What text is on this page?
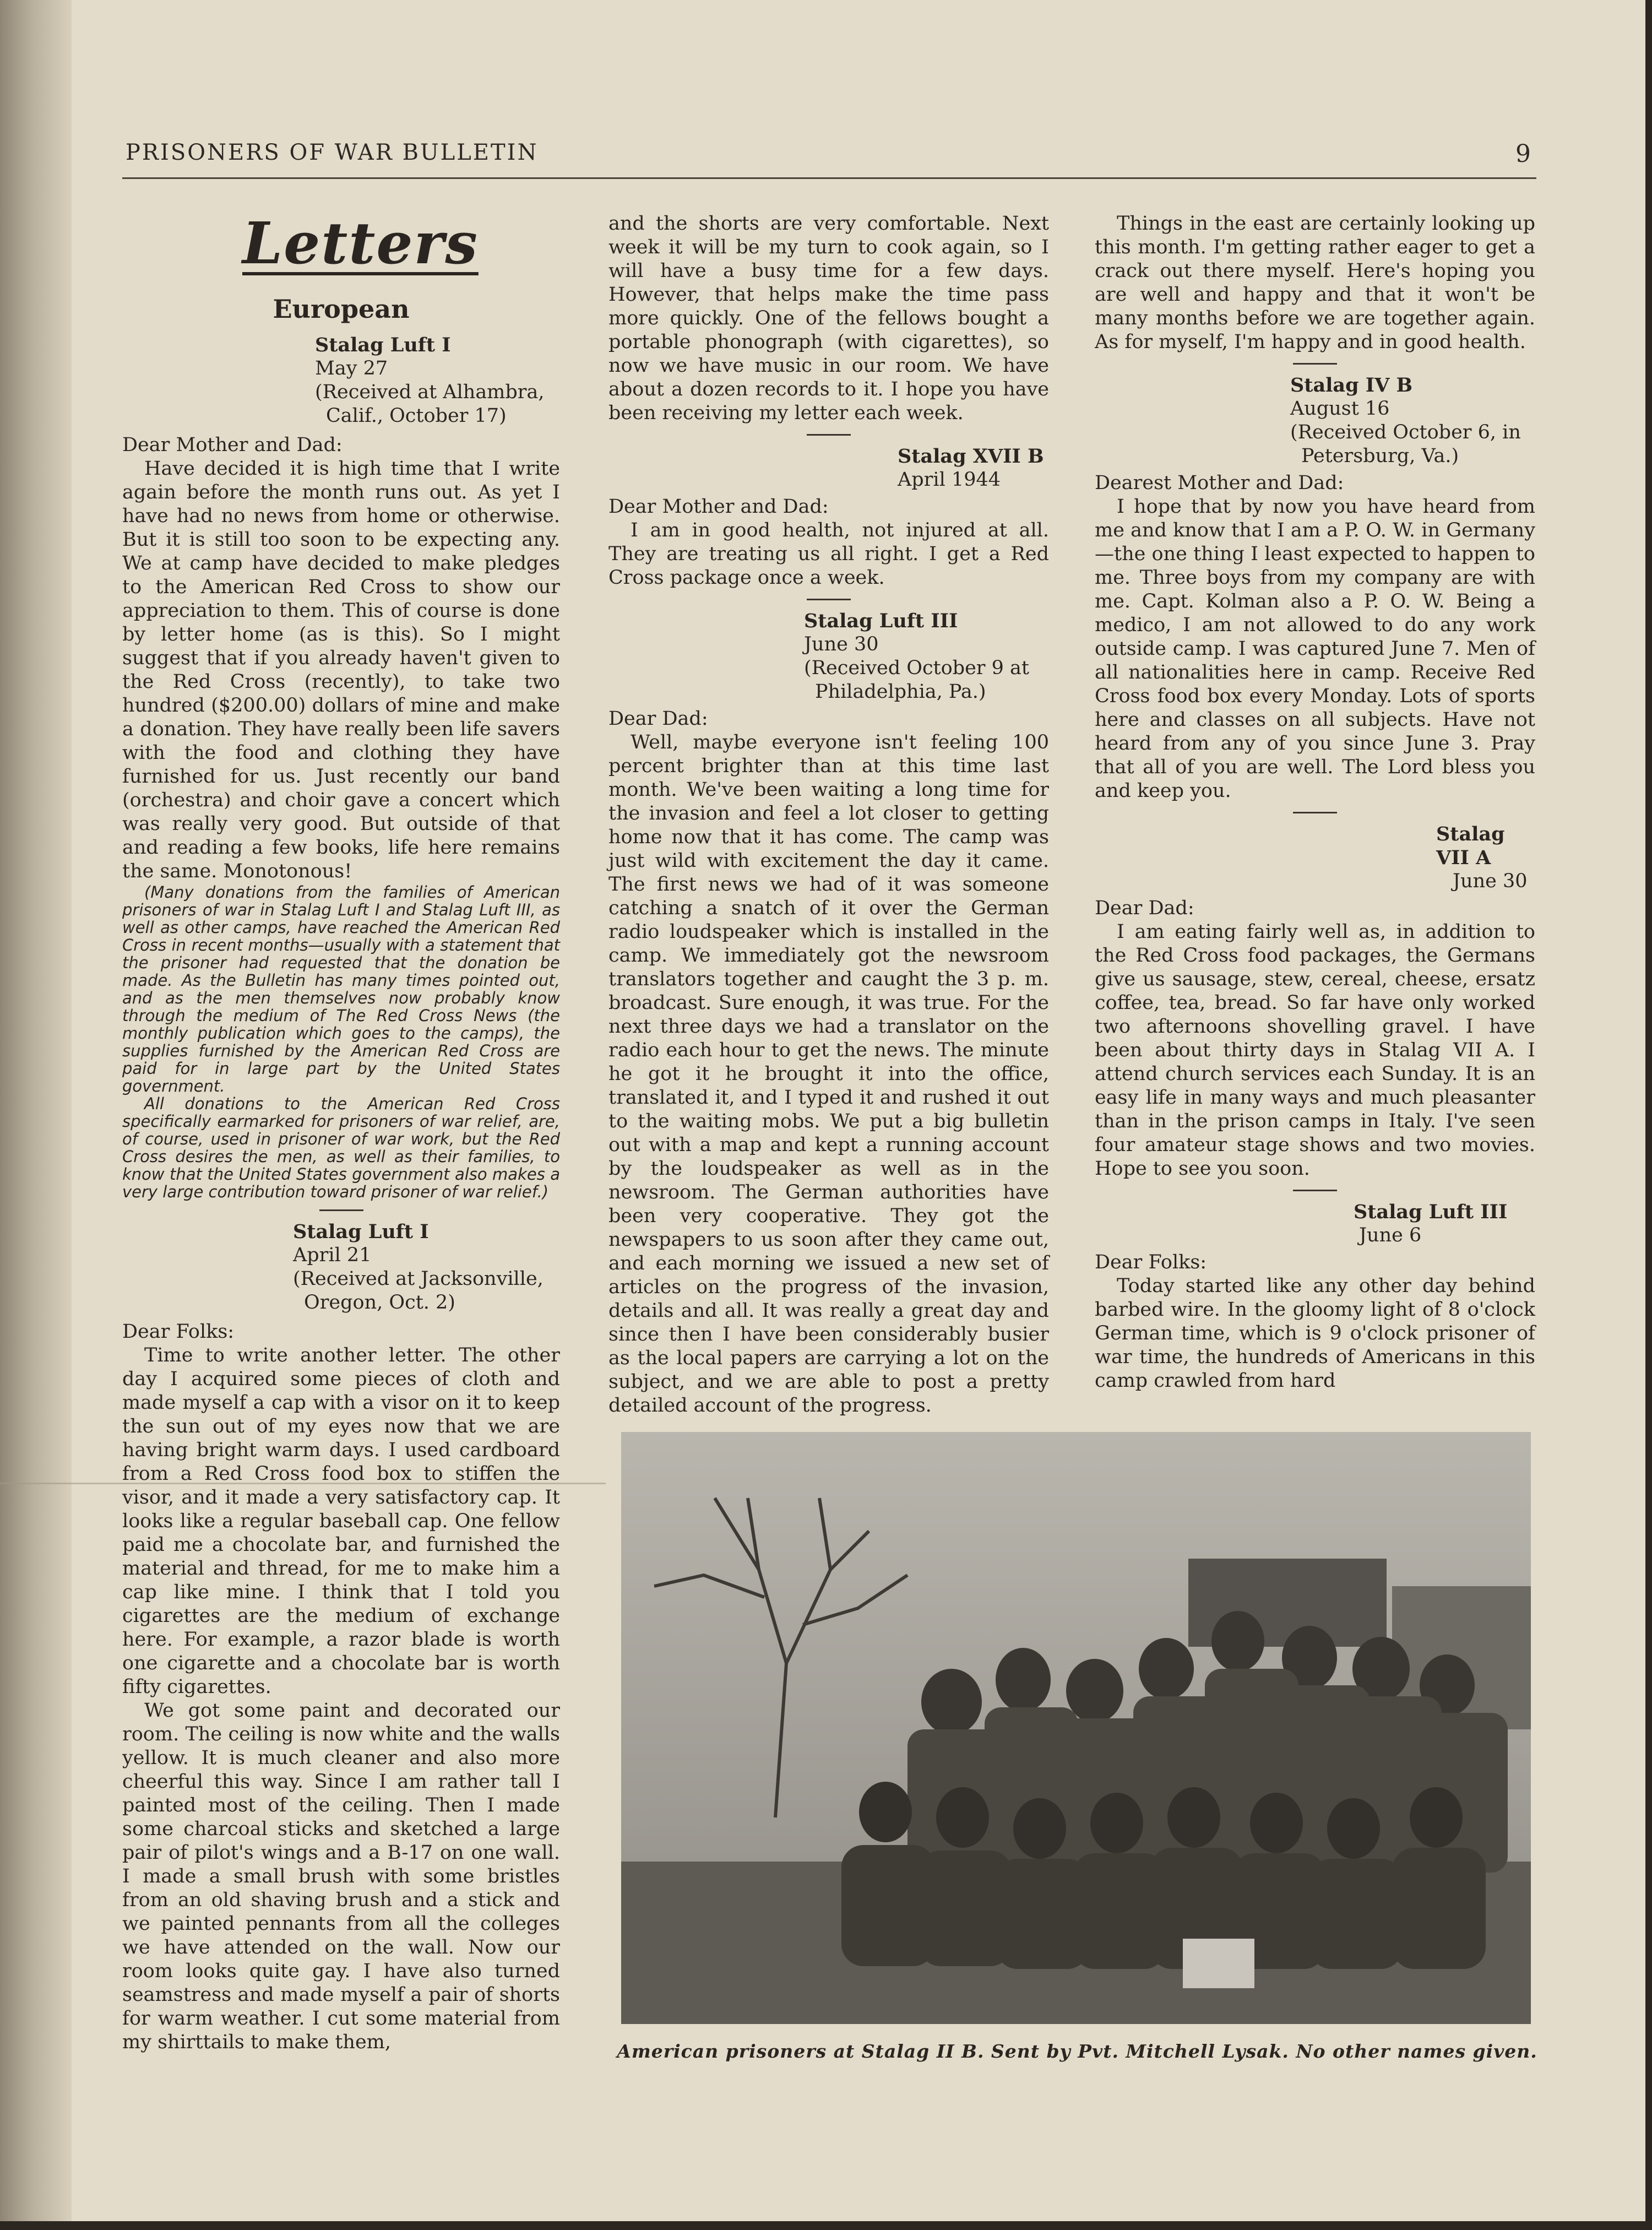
PRISONERS OF WAR BULLETIN	9
Letters
European
Stalag Luft I
May 27
(Received at Alhambra,
Calif., October 17)

Dear Mother and Dad:

Have decided it is high time that I write again before the month runs out. As yet I have had no news from home or otherwise. But it is still too soon to be expecting any. We at camp have decided to make pledges to the American Red Cross to show our appreciation to them. This of course is done by letter home (as is this). So I might suggest that if you already haven't given to the Red Cross (recently), to take two hundred ($200.00) dollars of mine and make a donation. They have really been life savers with the food and clothing they have furnished for us. Just recently our band (orchestra) and choir gave a concert which was really very good. But outside of that and reading a few books, life here remains the same. Monotonous!

(Many donations from the families of American prisoners of war in Stalag Luft I and Stalag Luft III, as well as other camps, have reached the American Red Cross in recent months—usually with a statement that the prisoner had requested that the donation be made. As the Bulletin has many times pointed out, and as the men themselves now probably know through the medium of The Red Cross News (the monthly publication which goes to the camps), the supplies furnished by the American Red Cross are paid for in large part by the United States government.

All donations to the American Red Cross specifically earmarked for prisoners of war relief, are, of course, used in prisoner of war work, but the Red Cross desires the men, as well as their families, to know that the United States government also makes a very large contribution toward prisoner of war relief.)

Stalag Luft I
April 21
(Received at Jacksonville,
Oregon, Oct. 2)

Dear Folks:

Time to write another letter. The other day I acquired some pieces of cloth and made myself a cap with a visor on it to keep the sun out of my eyes now that we are having bright warm days. I used cardboard from a Red Cross food box to stiffen the visor, and it made a very satisfactory cap. It looks like a regular baseball cap. One fellow paid me a chocolate bar, and furnished the material and thread, for me to make him a cap like mine. I think that I told you cigarettes are the medium of exchange here. For example, a razor blade is worth one cigarette and a chocolate bar is worth fifty cigarettes.

We got some paint and decorated our room. The ceiling is now white and the walls yellow. It is much cleaner and also more cheerful this way. Since I am rather tall I painted most of the ceiling. Then I made some charcoal sticks and sketched a large pair of pilot's wings and a B-17 on one wall. I made a small brush with some bristles from an old shaving brush and a stick and we painted pennants from all the colleges we have attended on the wall. Now our room looks quite gay. I have also turned seamstress and made myself a pair of shorts for warm weather. I cut some material from my shirttails to make them,

and the shorts are very comfortable. Next week it will be my turn to cook again, so I will have a busy time for a few days. However, that helps make the time pass more quickly. One of the fellows bought a portable phonograph (with cigarettes), so now we have music in our room. We have about a dozen records to it. I hope you have been receiving my letter each week.

Stalag XVII B
April 1944

Dear Mother and Dad:

I am in good health, not injured at all. They are treating us all right. I get a Red Cross package once a week.

Stalag Luft III
June 30
(Received October 9 at
Philadelphia, Pa.)

Dear Dad:

Well, maybe everyone isn't feeling 100 percent brighter than at this time last month. We've been waiting a long time for the invasion and feel a lot closer to getting home now that it has come. The camp was just wild with excitement the day it came. The first news we had of it was someone catching a snatch of it over the German radio loudspeaker which is installed in the camp. We immediately got the newsroom translators together and caught the 3 p. m. broadcast. Sure enough, it was true. For the next three days we had a translator on the radio each hour to get the news. The minute he got it he brought it into the office, translated it, and I typed it and rushed it out to the waiting mobs. We put a big bulletin out with a map and kept a running account by the loudspeaker as well as in the newsroom. The German authorities have been very cooperative. They got the newspapers to us soon after they came out, and each morning we issued a new set of articles on the progress of the invasion, details and all. It was really a great day and since then I have been considerably busier as the local papers are carrying a lot on the subject, and we are able to post a pretty detailed account of the progress.

Things in the east are certainly looking up this month. I'm getting rather eager to get a crack out there myself. Here's hoping you are well and happy and that it won't be many months before we are together again. As for myself, I'm happy and in good health.

Stalag IV B
August 16
(Received October 6, in
Petersburg, Va.)

Dearest Mother and Dad:

I hope that by now you have heard from me and know that I am a P. O. W. in Germany—the one thing I least expected to happen to me. Three boys from my company are with me. Capt. Kolman also a P. O. W. Being a medico, I am not allowed to do any work outside camp. I was captured June 7. Men of all nationalities here in camp. Receive Red Cross food box every Monday. Lots of sports here and classes on all subjects. Have not heard from any of you since June 3. Pray that all of you are well. The Lord bless you and keep you.

Stalag VII A
June 30

Dear Dad:

I am eating fairly well as, in addition to the Red Cross food packages, the Germans give us sausage, stew, cereal, cheese, ersatz coffee, tea, bread. So far have only worked two afternoons shovelling gravel. I have been about thirty days in Stalag VII A. I attend church services each Sunday. It is an easy life in many ways and much pleasanter than in the prison camps in Italy. I've seen four amateur stage shows and two movies. Hope to see you soon.

Stalag Luft III
June 6

Dear Folks:

Today started like any other day behind barbed wire. In the gloomy light of 8 o'clock German time, which is 9 o'clock prisoner of war time, the hundreds of Americans in this camp crawled from hard

American prisoners at Stalag II B. Sent by Pvt. Mitchell Lysak. No other names given.
